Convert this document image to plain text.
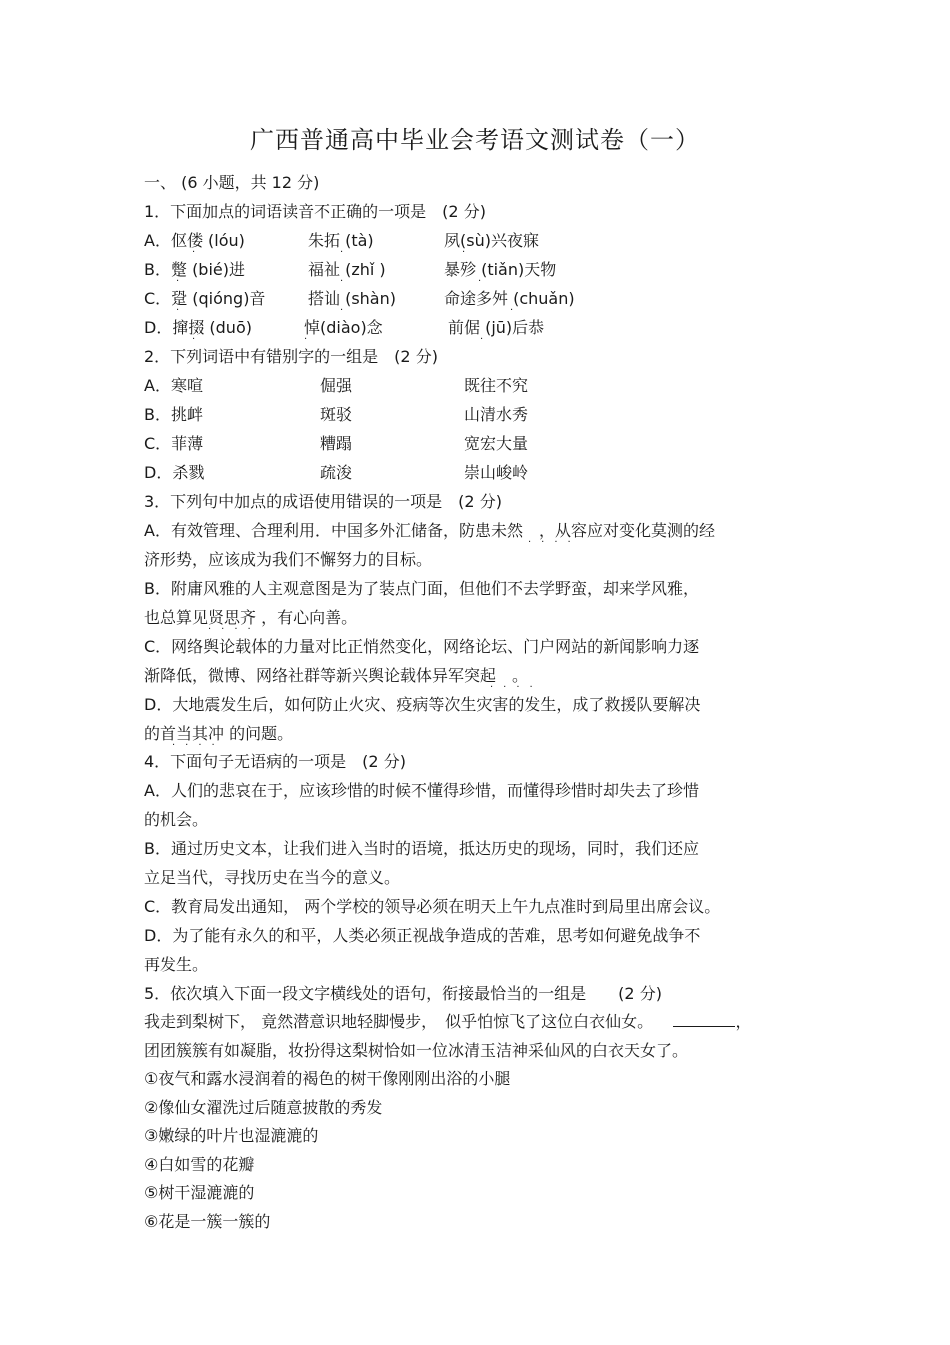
广西普通高中毕业会考语文测试卷（一）
一、 (6 小题，共 12 分)
1．下面加点的词语读音不正确的一项是　(2 分)
A．伛偻 (lóu)	朱拓 (tà)	夙(sù)兴夜寐
B．蹩 (bié)进	福祉 (zhǐ )	暴殄 (tiǎn)天物
C．跫 (qióng)音	搭讪 (shàn)	命途多舛 (chuǎn)
D．撺掇 (duō)	悼(diào)念	前倨 (jū)后恭
·	·	·
·	·	·
·	·	·
·	·	·
2．下列词语中有错别字的一组是　(2 分)
A．寒喧	倔强	既往不究
B．挑衅	斑驳	山清水秀
C．菲薄	糟蹋	宽宏大量
D．杀戮	疏浚	崇山峻岭
3．下列句中加点的成语使用错误的一项是　(2 分)
A．有效管理、合理利用．中国多外汇储备，防患未然　，从容应对变化莫测的经
····
济形势，应该成为我们不懈努力的目标。
B．附庸风雅的人主观意图是为了装点门面，但他们不去学野蛮，却来学风雅，
也总算见贤思齐 ，有心向善。
····
C．网络舆论载体的力量对比正悄然变化，网络论坛、门户网站的新闻影响力逐
渐降低，微博、网络社群等新兴舆论载体异军突起　。
····
D．大地震发生后，如何防止火灾、疫病等次生灾害的发生，成了救援队要解决
的首当其冲 的问题。
····
4．下面句子无语病的一项是　(2 分)
A．人们的悲哀在于，应该珍惜的时候不懂得珍惜，而懂得珍惜时却失去了珍惜
的机会。
B．通过历史文本，让我们进入当时的语境，抵达历史的现场，同时，我们还应
立足当代，寻找历史在当今的意义。
C．教育局发出通知， 两个学校的领导必须在明天上午九点准时到局里出席会议。
D．为了能有永久的和平，人类必须正视战争造成的苦难，思考如何避免战争不
再发生。
5．依次填入下面一段文字横线处的语句，衔接最恰当的一组是　　(2 分)
我走到梨树下， 竟然潜意识地轻脚慢步，　似乎怕惊飞了这位白衣仙女。	，
团团簇簇有如凝脂，妆扮得这梨树恰如一位冰清玉洁神采仙风的白衣天女了。
①夜气和露水浸润着的褐色的树干像刚刚出浴的小腿
②像仙女濯洗过后随意披散的秀发
③嫩绿的叶片也湿漉漉的
④白如雪的花瓣
⑤树干湿漉漉的
⑥花是一簇一簇的
